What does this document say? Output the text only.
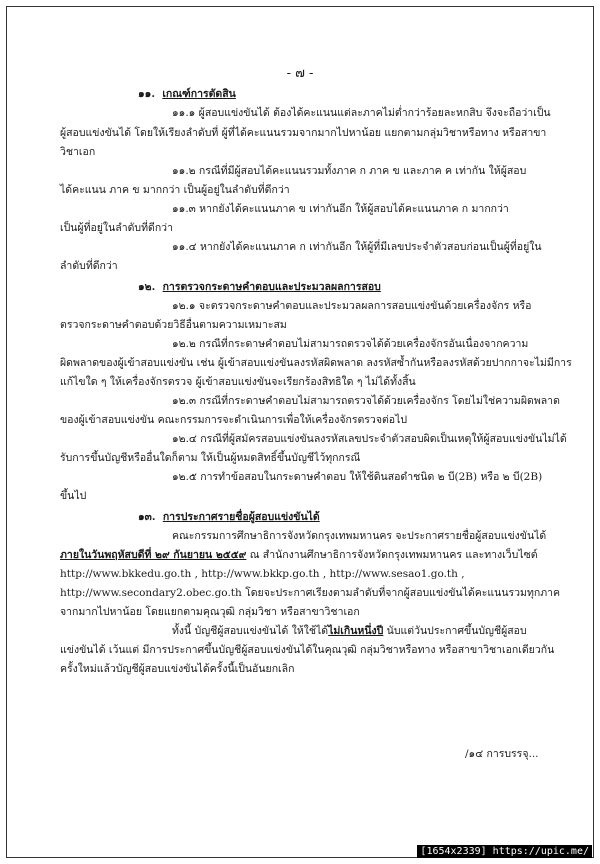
- ๗ -
๑๑. เกณฑ์การตัดสิน
๑๑.๑ ผู้สอบแข่งขันได้ ต้องได้คะแนนแต่ละภาคไม่ต่ำกว่าร้อยละหกสิบ จึงจะถือว่าเป็น
ผู้สอบแข่งขันได้ โดยให้เรียงลำดับที่ ผู้ที่ได้คะแนนรวมจากมากไปหาน้อย แยกตามกลุ่มวิชาหรือทาง หรือสาขา
วิชาเอก
๑๑.๒ กรณีที่มีผู้สอบได้คะแนนรวมทั้งภาค ก ภาค ข และภาค ค เท่ากัน ให้ผู้สอบ
ได้คะแนน ภาค ข มากกว่า เป็นผู้อยู่ในลำดับที่ดีกว่า
๑๑.๓ หากยังได้คะแนนภาค ข เท่ากันอีก ให้ผู้สอบได้คะแนนภาค ก มากกว่า
เป็นผู้ที่อยู่ในลำดับที่ดีกว่า
๑๑.๔ หากยังได้คะแนนภาค ก เท่ากันอีก ให้ผู้ที่มีเลขประจำตัวสอบก่อนเป็นผู้ที่อยู่ใน
ลำดับที่ดีกว่า
๑๒. การตรวจกระดาษคำตอบและประมวลผลการสอบ
๑๒.๑ จะตรวจกระดาษคำตอบและประมวลผลการสอบแข่งขันด้วยเครื่องจักร หรือ
ตรวจกระดาษคำตอบด้วยวิธีอื่นตามความเหมาะสม
๑๒.๒ กรณีที่กระดาษคำตอบไม่สามารถตรวจได้ด้วยเครื่องจักรอันเนื่องจากความ
ผิดพลาดของผู้เข้าสอบแข่งขัน เช่น ผู้เข้าสอบแข่งขันลงรหัสผิดพลาด ลงรหัสซ้ำกันหรือลงรหัสด้วยปากกาจะไม่มีการ
แก้ไขใด ๆ ให้เครื่องจักรตรวจ ผู้เข้าสอบแข่งขันจะเรียกร้องสิทธิใด ๆ ไม่ได้ทั้งสิ้น
๑๒.๓ กรณีที่กระดาษคำตอบไม่สามารถตรวจได้ด้วยเครื่องจักร โดยไม่ใช่ความผิดพลาด
ของผู้เข้าสอบแข่งขัน คณะกรรมการจะดำเนินการเพื่อให้เครื่องจักรตรวจต่อไป
๑๒.๔ กรณีที่ผู้สมัครสอบแข่งขันลงรหัสเลขประจำตัวสอบผิดเป็นเหตุให้ผู้สอบแข่งขันไม่ได้
รับการขึ้นบัญชีหรืออื่นใดก็ตาม ให้เป็นผู้หมดสิทธิ์ขึ้นบัญชีไว้ทุกกรณี
๑๒.๕ การทำข้อสอบในกระดาษคำตอบ ให้ใช้ดินสอดำชนิด ๒ บี(2B) หรือ ๒ บี(2B)
ขึ้นไป
๑๓. การประกาศรายชื่อผู้สอบแข่งขันได้
คณะกรรมการศึกษาธิการจังหวัดกรุงเทพมหานคร จะประกาศรายชื่อผู้สอบแข่งขันได้
ภายในวันพฤหัสบดีที่ ๒๙ กันยายน ๒๕๕๙ ณ สำนักงานศึกษาธิการจังหวัดกรุงเทพมหานคร และทางเว็บไซต์
http://www.bkkedu.go.th , http://www.bkkp.go.th , http://www.sesao1.go.th ,
http://www.secondary2.obec.go.th โดยจะประกาศเรียงตามลำดับที่จากผู้สอบแข่งขันได้คะแนนรวมทุกภาค
จากมากไปหาน้อย โดยแยกตามคุณวุฒิ กลุ่มวิชา หรือสาขาวิชาเอก
ทั้งนี้ บัญชีผู้สอบแข่งขันได้ ให้ใช้ได้ไม่เกินหนึ่งปี นับแต่วันประกาศขึ้นบัญชีผู้สอบ
แข่งขันได้ เว้นแต่ มีการประกาศขึ้นบัญชีผู้สอบแข่งขันได้ในคุณวุฒิ กลุ่มวิชาหรือทาง หรือสาขาวิชาเอกเดียวกัน
ครั้งใหม่แล้วบัญชีผู้สอบแข่งขันได้ครั้งนี้เป็นอันยกเลิก
/๑๔ การบรรจุ...
[1654x2339] https://upic.me/
